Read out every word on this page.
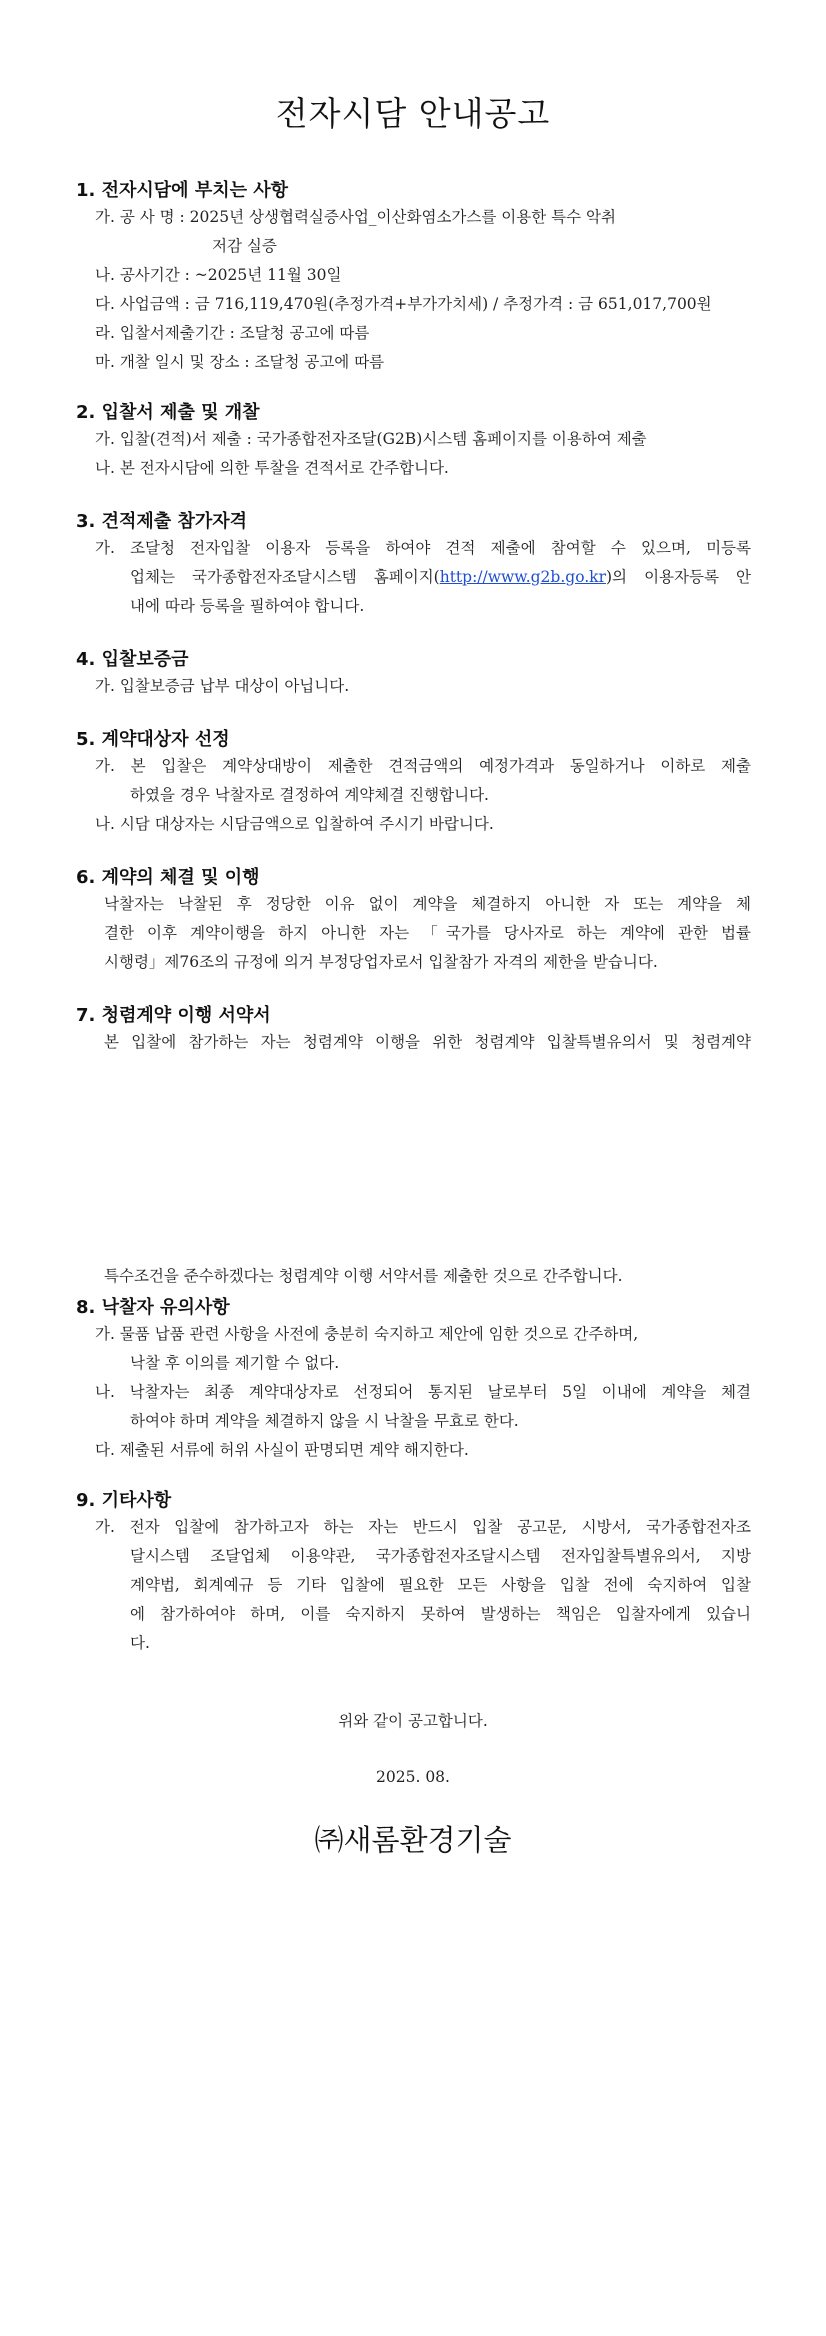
전자시담 안내공고
1. 전자시담에 부치는 사항
가. 공 사 명 : 2025년 상생협력실증사업_이산화염소가스를 이용한 특수 악취
저감 실증
나. 공사기간 : ~2025년 11월 30일
다. 사업금액 : 금 716,119,470원(추정가격+부가가치세) / 추정가격 : 금 651,017,700원
라. 입찰서제출기간 : 조달청 공고에 따름
마. 개찰 일시 및 장소 : 조달청 공고에 따름
2. 입찰서 제출 및 개찰
가. 입찰(견적)서 제출 : 국가종합전자조달(G2B)시스템 홈페이지를 이용하여 제출
나. 본 전자시담에 의한 투찰을 견적서로 간주합니다.
3. 견적제출 참가자격
가. 조달청 전자입찰 이용자 등록을 하여야 견적 제출에 참여할 수 있으며, 미등록
업체는 국가종합전자조달시스템 홈페이지(http://www.g2b.go.kr)의 이용자등록 안
내에 따라 등록을 필하여야 합니다.
4. 입찰보증금
가. 입찰보증금 납부 대상이 아닙니다.
5. 계약대상자 선정
가. 본 입찰은 계약상대방이 제출한 견적금액의 예정가격과 동일하거나 이하로 제출
하였을 경우 낙찰자로 결정하여 계약체결 진행합니다.
나. 시담 대상자는 시담금액으로 입찰하여 주시기 바랍니다.
6. 계약의 체결 및 이행
낙찰자는 낙찰된 후 정당한 이유 없이 계약을 체결하지 아니한 자 또는 계약을 체
결한 이후 계약이행을 하지 아니한 자는 「국가를 당사자로 하는 계약에 관한 법률
시행령」제76조의 규정에 의거 부정당업자로서 입찰참가 자격의 제한을 받습니다.
7. 청렴계약 이행 서약서
본 입찰에 참가하는 자는 청렴계약 이행을 위한 청렴계약 입찰특별유의서 및 청렴계약
특수조건을 준수하겠다는 청렴계약 이행 서약서를 제출한 것으로 간주합니다.
8. 낙찰자 유의사항
가. 물품 납품 관련 사항을 사전에 충분히 숙지하고 제안에 임한 것으로 간주하며,
낙찰 후 이의를 제기할 수 없다.
나. 낙찰자는 최종 계약대상자로 선정되어 통지된 날로부터 5일 이내에 계약을 체결
하여야 하며 계약을 체결하지 않을 시 낙찰을 무효로 한다.
다. 제출된 서류에 허위 사실이 판명되면 계약 해지한다.
9. 기타사항
가. 전자 입찰에 참가하고자 하는 자는 반드시 입찰 공고문, 시방서, 국가종합전자조
달시스템 조달업체 이용약관, 국가종합전자조달시스템 전자입찰특별유의서, 지방
계약법, 회계예규 등 기타 입찰에 필요한 모든 사항을 입찰 전에 숙지하여 입찰
에 참가하여야 하며, 이를 숙지하지 못하여 발생하는 책임은 입찰자에게 있습니
다.
위와 같이 공고합니다.
2025. 08.
㈜새롬환경기술
